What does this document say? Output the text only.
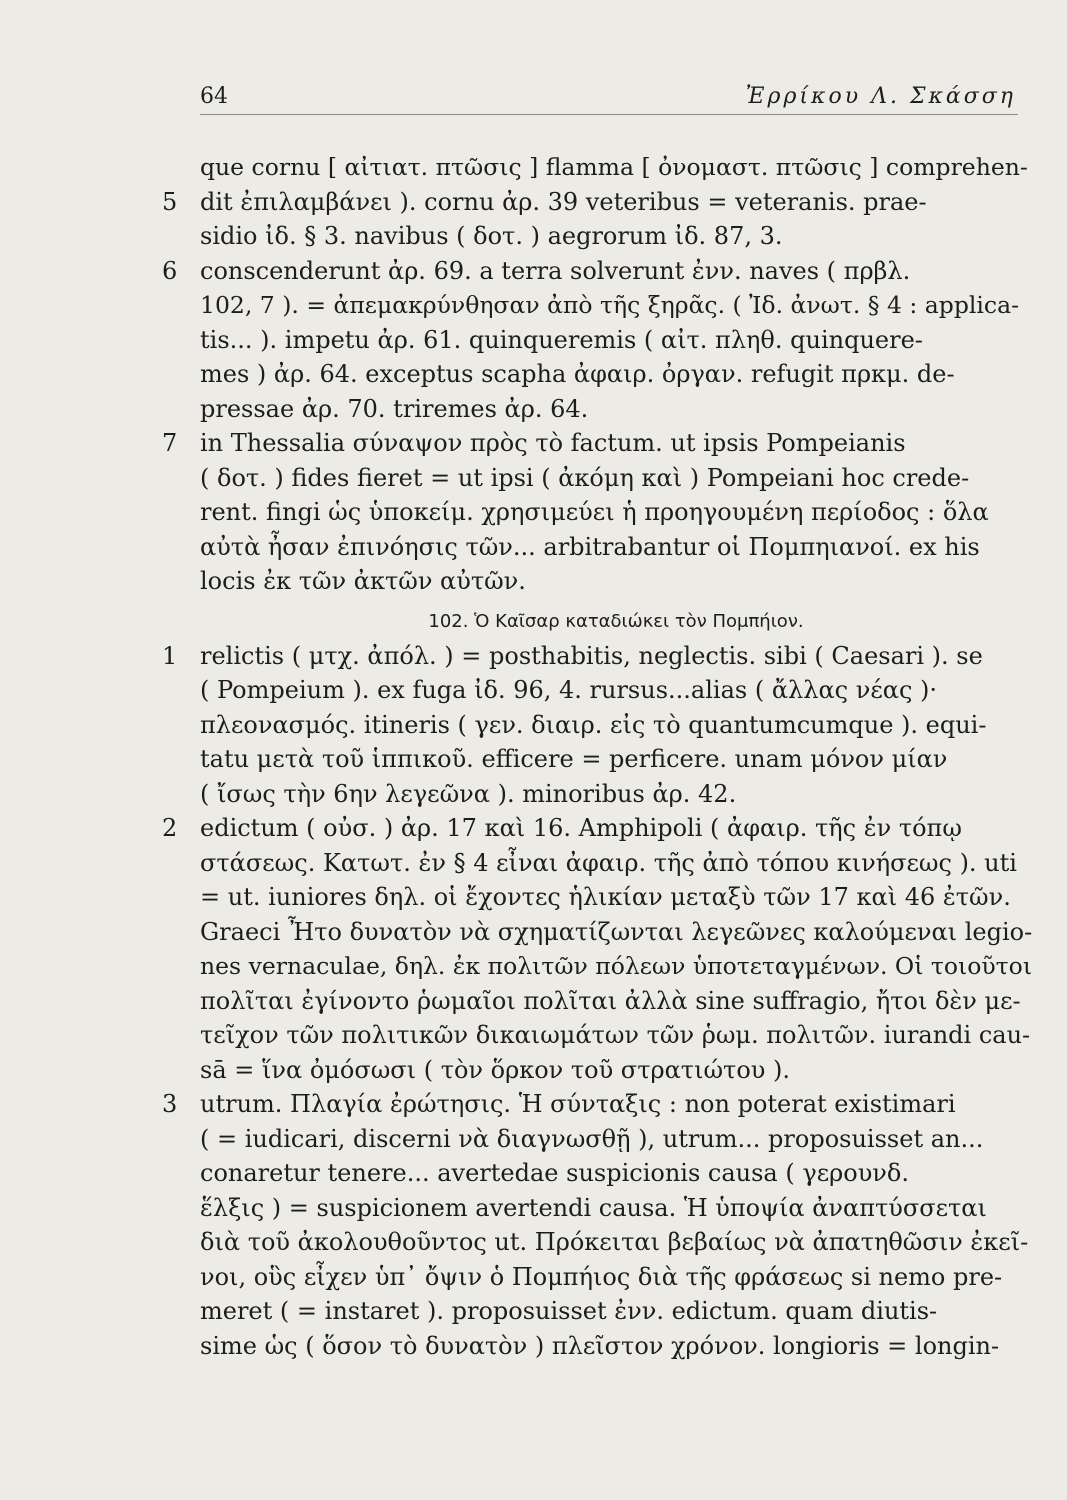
64	Ἐρρίκου Λ. Σκάσση
que cornu [ αἰτιατ. πτῶσις ] flamma [ ὀνομαστ. πτῶσις ] comprehen-
5 dit ἐπιλαμβάνει ). cornu ἀρ. 39 veteribus = veteranis. prae-
sidio ἰδ. § 3. navibus ( δοτ. ) aegrorum ἰδ. 87, 3.
6 conscenderunt ἀρ. 69. a terra solverunt ἐνν. naves ( πρβλ.
102, 7 ). = ἀπεμακρύνθησαν ἀπὸ τῆς ξηρᾶς. ( Ἰδ. ἀνωτ. § 4 : applica-
tis... ). impetu ἀρ. 61. quinqueremis ( αἰτ. πληθ. quinquere-
mes ) ἀρ. 64. exceptus scapha ἀφαιρ. ὀργαν. refugit πρκμ. de-
pressae ἀρ. 70. triremes ἀρ. 64.
7 in Thessalia σύναψον πρὸς τὸ factum. ut ipsis Pompeianis
( δοτ. ) fides fieret = ut ipsi ( ἀκόμη καὶ ) Pompeiani hoc crede-
rent. fingi ὡς ὑποκείμ. χρησιμεύει ἡ προηγουμένη περίοδος : ὅλα
αὐτὰ ἦσαν ἐπινόησις τῶν... arbitrabantur οἱ Πομπηιανοί. ex his
locis ἐκ τῶν ἀκτῶν αὐτῶν.
102. Ὁ Καῖσαρ καταδιώκει τὸν Πομπήιον.
1 relictis ( μτχ. ἀπόλ. ) = posthabitis, neglectis. sibi ( Caesari ). se
( Pompeium ). ex fuga ἰδ. 96, 4. rursus...alias ( ἄλλας νέας )·
πλεονασμός. itineris ( γεν. διαιρ. εἰς τὸ quantumcumque ). equi-
tatu μετὰ τοῦ ἱππικοῦ. efficere = perficere. unam μόνον μίαν
( ἴσως τὴν 6ην λεγεῶνα ). minoribus ἀρ. 42.
2 edictum ( οὐσ. ) ἀρ. 17 καὶ 16. Amphipoli ( ἀφαιρ. τῆς ἐν τόπῳ
στάσεως. Κατωτ. ἐν § 4 εἶναι ἀφαιρ. τῆς ἀπὸ τόπου κινήσεως ). uti
= ut. iuniores δηλ. οἱ ἔχοντες ἡλικίαν μεταξὺ τῶν 17 καὶ 46 ἐτῶν.
Graeci Ἦτο δυνατὸν νὰ σχηματίζωνται λεγεῶνες καλούμεναι legio-
nes vernaculae, δηλ. ἐκ πολιτῶν πόλεων ὑποτεταγμένων. Οἱ τοιοῦτοι
πολῖται ἐγίνοντο ῥωμαῖοι πολῖται ἀλλὰ sine suffragio, ἤτοι δὲν με-
τεῖχον τῶν πολιτικῶν δικαιωμάτων τῶν ῥωμ. πολιτῶν. iurandi cau-
sā = ἵνα ὀμόσωσι ( τὸν ὅρκον τοῦ στρατιώτου ).
3 utrum. Πλαγία ἐρώτησις. Ἡ σύνταξις : non poterat existimari
( = iudicari, discerni νὰ διαγνωσθῇ ), utrum... proposuisset an...
conaretur tenere... avertedae suspicionis causa ( γερουνδ.
ἕλξις ) = suspicionem avertendi causa. Ἡ ὑποψία ἀναπτύσσεται
διὰ τοῦ ἀκολουθοῦντος ut. Πρόκειται βεβαίως νὰ ἀπατηθῶσιν ἐκεῖ-
νοι, οὓς εἶχεν ὑπ᾽ ὄψιν ὁ Πομπήιος διὰ τῆς φράσεως si nemo pre-
meret ( = instaret ). proposuisset ἐνν. edictum. quam diutis-
sime ὡς ( ὅσον τὸ δυνατὸν ) πλεῖστον χρόνον. longioris = longin-
